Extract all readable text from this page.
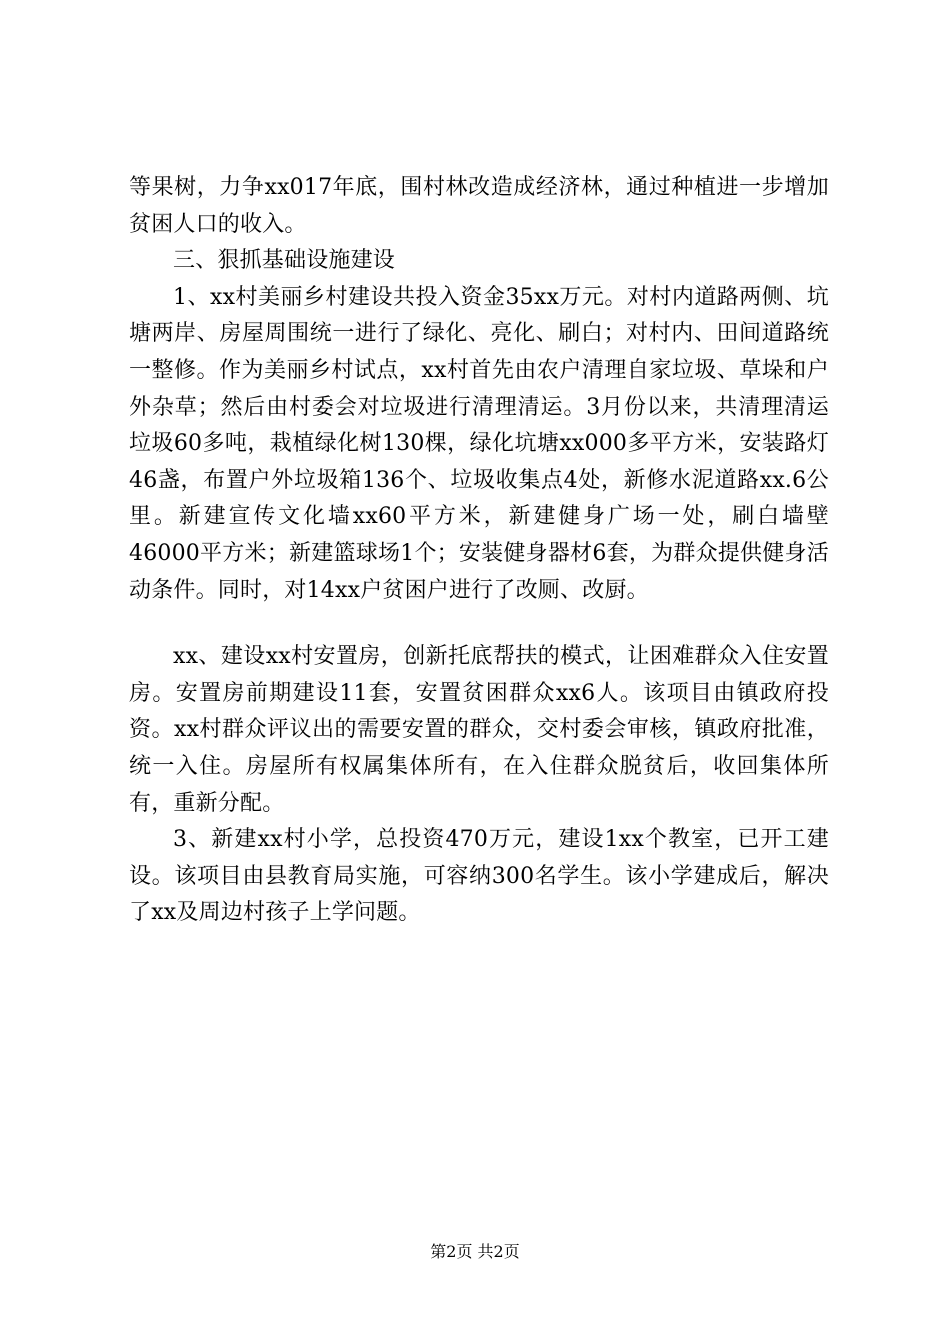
等果树，力争xx017年底，围村林改造成经济林，通过种植进一步增加贫困人口的收入。

三、狠抓基础设施建设

1、xx村美丽乡村建设共投入资金35xx万元。对村内道路两侧、坑塘两岸、房屋周围统一进行了绿化、亮化、刷白；对村内、田间道路统一整修。作为美丽乡村试点，xx村首先由农户清理自家垃圾、草垛和户外杂草；然后由村委会对垃圾进行清理清运。3月份以来，共清理清运垃圾60多吨，栽植绿化树130棵，绿化坑塘xx000多平方米，安装路灯46盏，布置户外垃圾箱136个、垃圾收集点4处，新修水泥道路xx.6公里。新建宣传文化墙xx60平方米，新建健身广场一处，刷白墙壁46000平方米；新建篮球场1个；安装健身器材6套，为群众提供健身活动条件。同时，对14xx户贫困户进行了改厕、改厨。

xx、建设xx村安置房，创新托底帮扶的模式，让困难群众入住安置房。安置房前期建设11套，安置贫困群众xx6人。该项目由镇政府投资。xx村群众评议出的需要安置的群众，交村委会审核，镇政府批准，统一入住。房屋所有权属集体所有，在入住群众脱贫后，收回集体所有，重新分配。

3、新建xx村小学，总投资470万元，建设1xx个教室，已开工建设。该项目由县教育局实施，可容纳300名学生。该小学建成后，解决了xx及周边村孩子上学问题。

第2页 共2页
